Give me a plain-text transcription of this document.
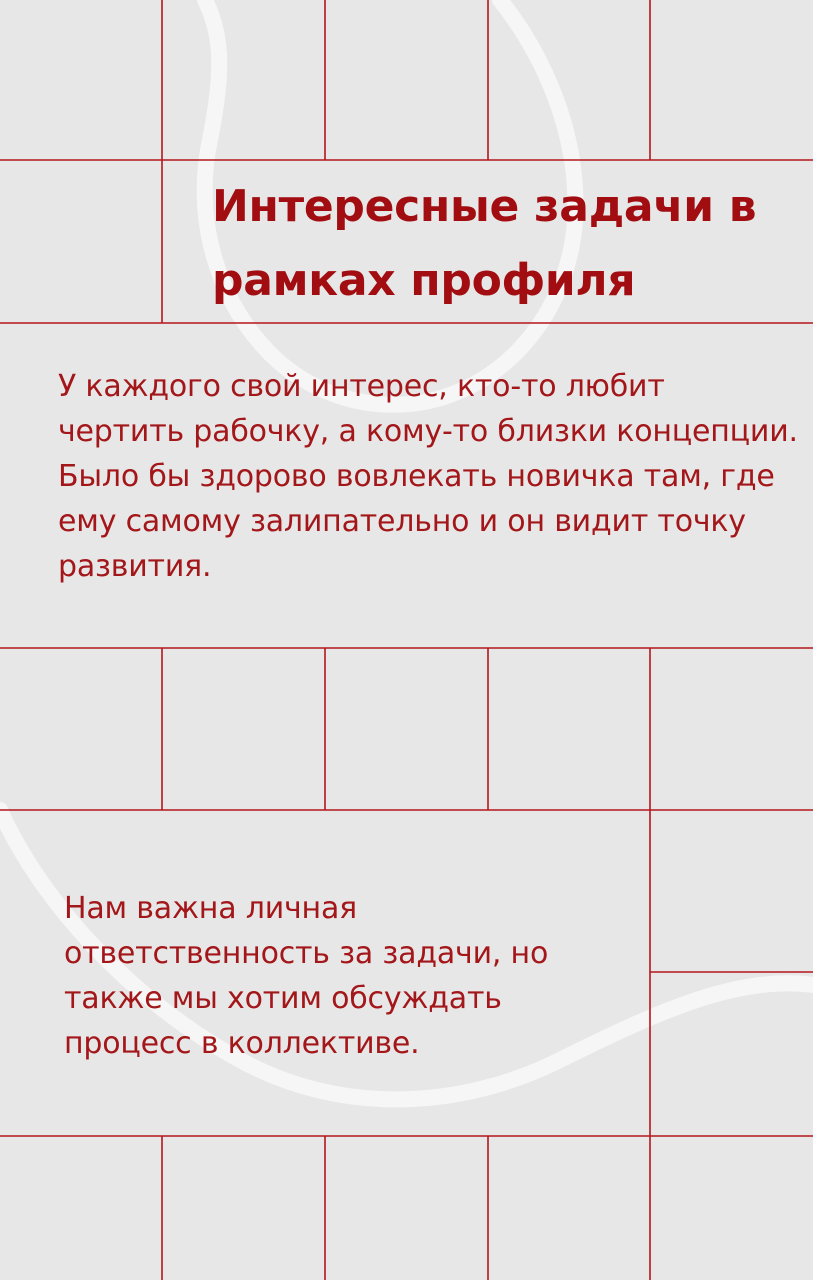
Интересные задачи в рамках профиля

У каждого свой интерес, кто-то любит чертить рабочку, а кому-то близки концепции. Было бы здорово вовлекать новичка там, где ему самому залипательно и он видит точку развития.

Нам важна личная ответственность за задачи, но также мы хотим обсуждать процесс в коллективе.
